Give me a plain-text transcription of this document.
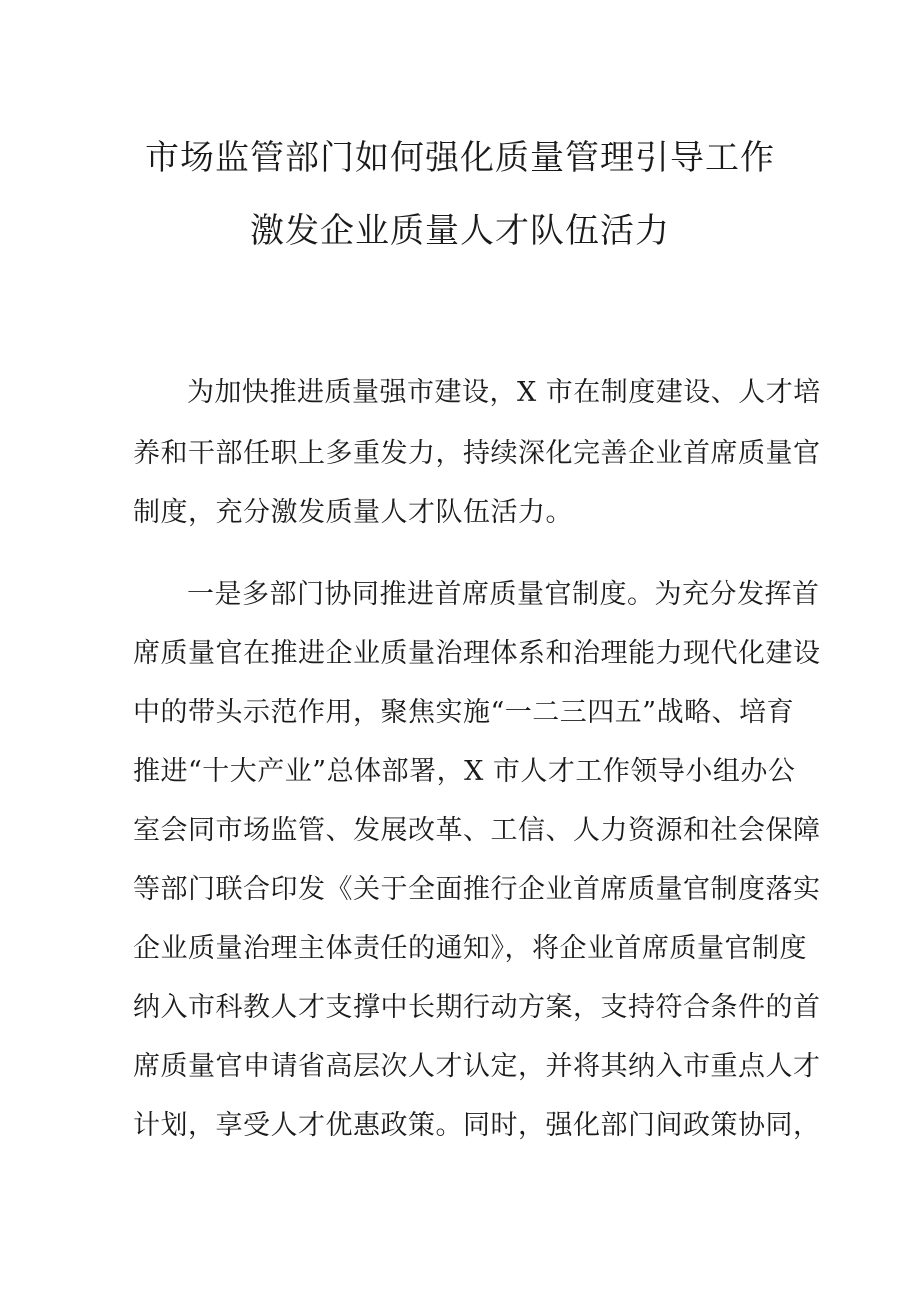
市场监管部门如何强化质量管理引导工作
激发企业质量人才队伍活力
为加快推进质量强市建设，X 市在制度建设、人才培
养和干部任职上多重发力，持续深化完善企业首席质量官
制度，充分激发质量人才队伍活力。
一是多部门协同推进首席质量官制度。为充分发挥首
席质量官在推进企业质量治理体系和治理能力现代化建设
中的带头示范作用，聚焦实施“一二三四五”战略、培育
推进“十大产业”总体部署，X 市人才工作领导小组办公
室会同市场监管、发展改革、工信、人力资源和社会保障
等部门联合印发《关于全面推行企业首席质量官制度落实
企业质量治理主体责任的通知》，将企业首席质量官制度
纳入市科教人才支撑中长期行动方案，支持符合条件的首
席质量官申请省高层次人才认定，并将其纳入市重点人才
计划，享受人才优惠政策。同时，强化部门间政策协同，
